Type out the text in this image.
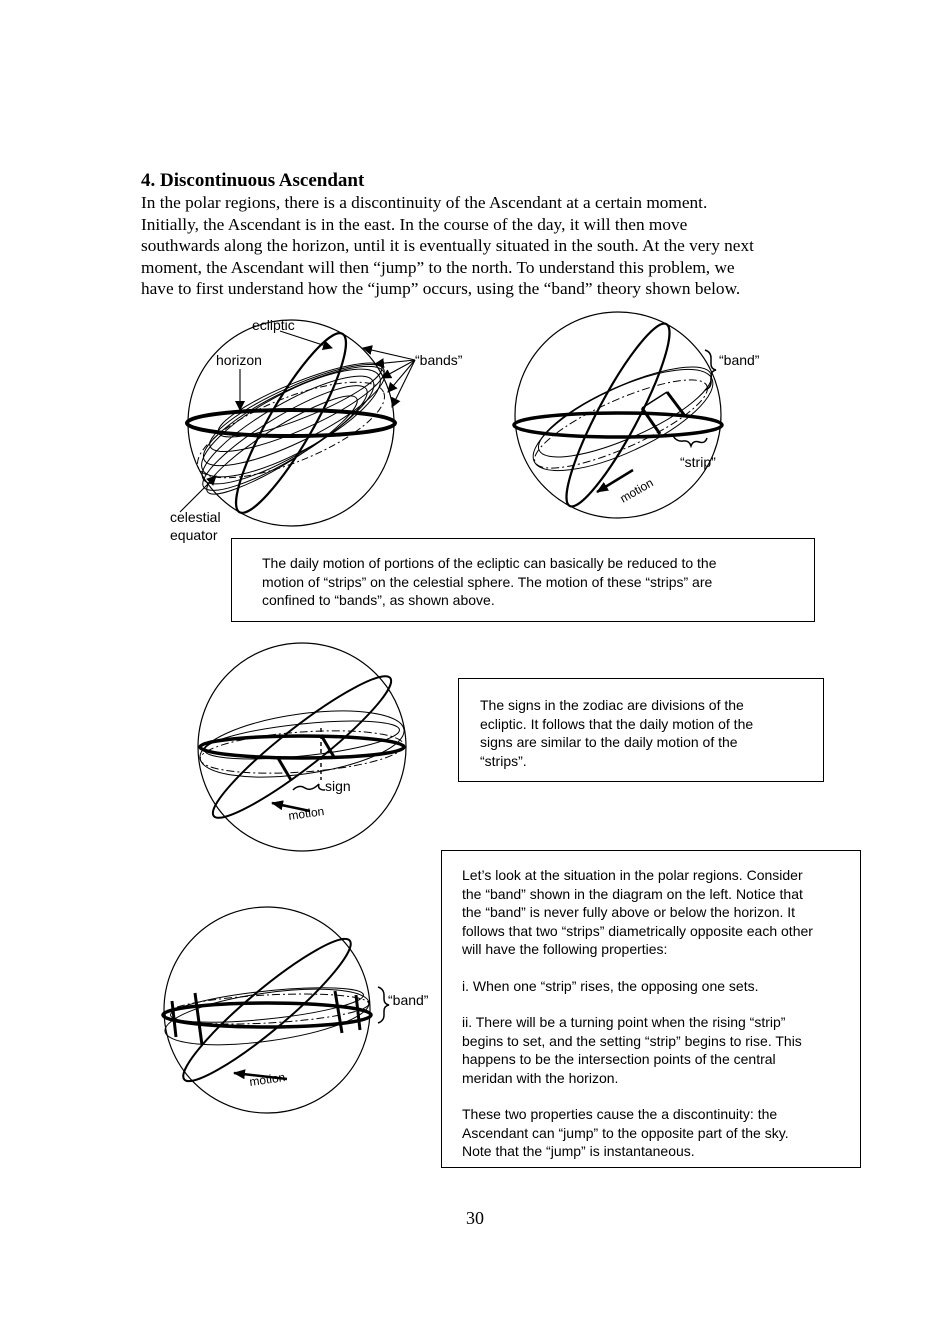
4. Discontinuous Ascendant
In the polar regions, there is a discontinuity of the Ascendant at a certain moment.
Initially, the Ascendant is in the east. In the course of the day, it will then move
southwards along the horizon, until it is eventually situated in the south. At the very next
moment, the Ascendant will then “jump” to the north. To understand this problem, we
have to first understand how the “jump” occurs, using the “band” theory shown below.
ecliptic
horizon	“bands”
celestial
equator
“band”
“strip”
motion
The daily motion of portions of the ecliptic can basically be reduced to the
motion of “strips” on the celestial sphere. The motion of these “strips” are
confined to “bands”, as shown above.
sign
motion
The signs in the zodiac are divisions of the
ecliptic. It follows that the daily motion of the
signs are similar to the daily motion of the
“strips”.
“band”
motion
Let’s look at the situation in the polar regions. Consider
the “band” shown in the diagram on the left. Notice that
the “band” is never fully above or below the horizon. It
follows that two “strips” diametrically opposite each other
will have the following properties:
i. When one “strip” rises, the opposing one sets.
ii. There will be a turning point when the rising “strip”
begins to set, and the setting “strip” begins to rise. This
happens to be the intersection points of the central
meridan with the horizon.
These two properties cause the a discontinuity: the
Ascendant can “jump” to the opposite part of the sky.
Note that the “jump” is instantaneous.
30
